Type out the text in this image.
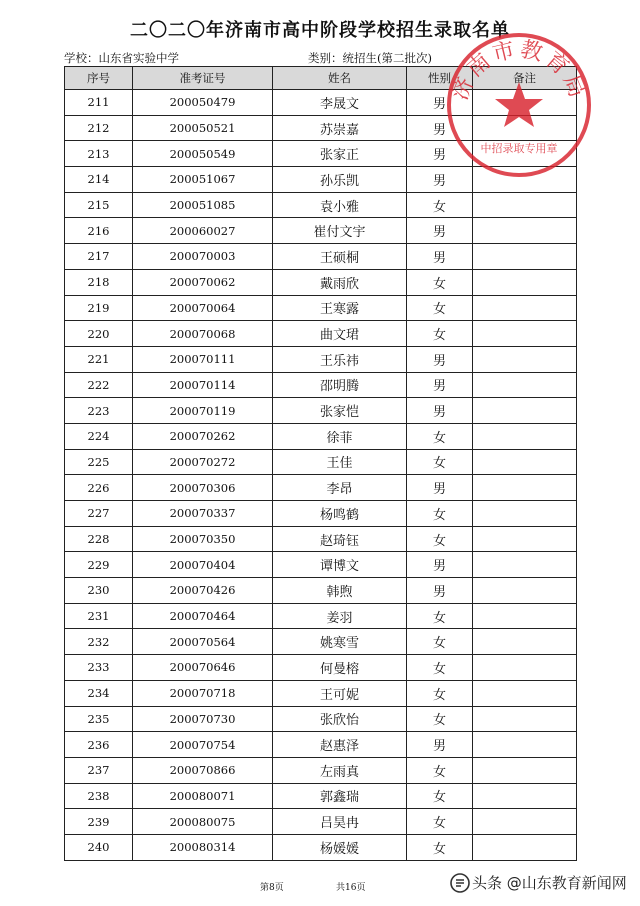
二〇二〇年济南市高中阶段学校招生录取名单
学校：山东省实验中学	类别：统招生(第二批次)
序号	准考证号	姓名	性别	备注
211	200050479	李晟文	男	
212	200050521	苏崇嘉	男	
213	200050549	张家正	男	
214	200051067	孙乐凯	男	
215	200051085	袁小雅	女	
216	200060027	崔付文宇	男	
217	200070003	王硕桐	男	
218	200070062	戴雨欣	女	
219	200070064	王寒露	女	
220	200070068	曲文珺	女	
221	200070111	王乐祎	男	
222	200070114	邵明腾	男	
223	200070119	张家恺	男	
224	200070262	徐菲	女	
225	200070272	王佳	女	
226	200070306	李昂	男	
227	200070337	杨鸣鹤	女	
228	200070350	赵琦钰	女	
229	200070404	谭博文	男	
230	200070426	韩煦	男	
231	200070464	姜羽	女	
232	200070564	姚寒雪	女	
233	200070646	何曼榕	女	
234	200070718	王可妮	女	
235	200070730	张欣怡	女	
236	200070754	赵惠泽	男	
237	200070866	左雨真	女	
238	200080071	郭鑫瑞	女	
239	200080075	吕昊冉	女	
240	200080314	杨媛媛	女	
济南市教育局
中招录取专用章
第8页	共16页	头条 @山东教育新闻网
